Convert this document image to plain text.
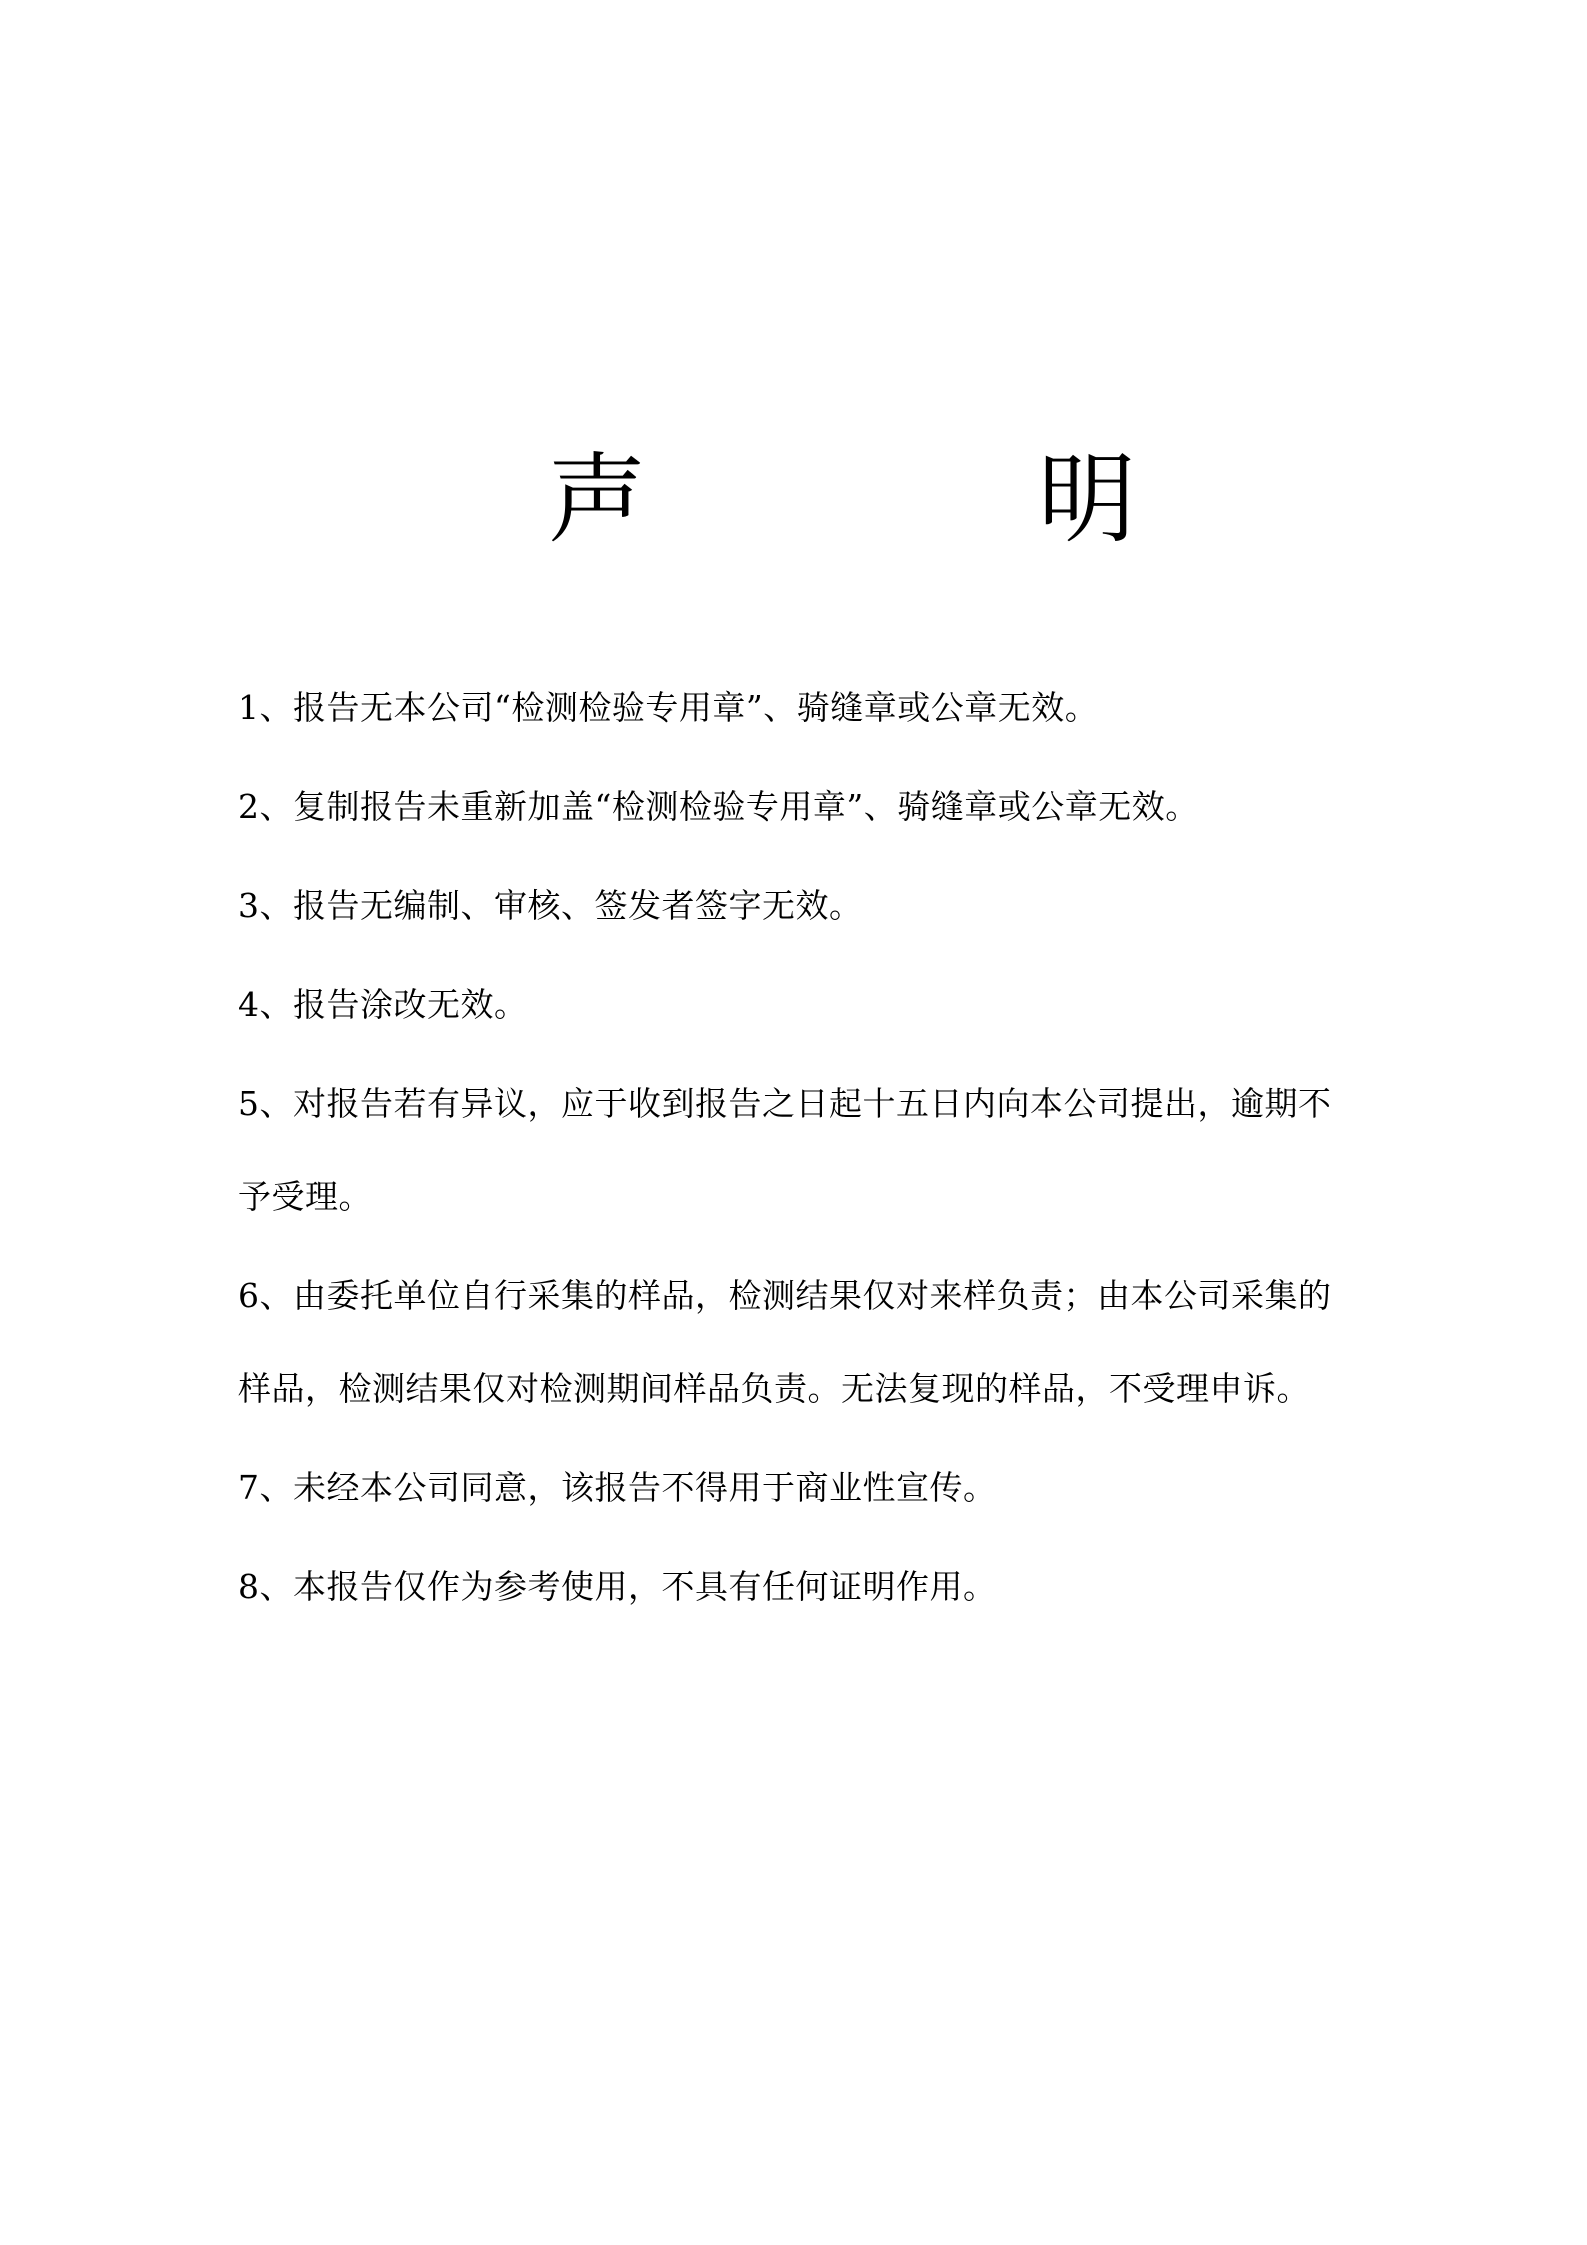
声	明

1、报告无本公司“检测检验专用章”、骑缝章或公章无效。

2、复制报告未重新加盖“检测检验专用章”、骑缝章或公章无效。

3、报告无编制、审核、签发者签字无效。

4、报告涂改无效。

5、对报告若有异议，应于收到报告之日起十五日内向本公司提出，逾期不
予受理。

6、由委托单位自行采集的样品，检测结果仅对来样负责；由本公司采集的
样品，检测结果仅对检测期间样品负责。无法复现的样品，不受理申诉。

7、未经本公司同意，该报告不得用于商业性宣传。

8、本报告仅作为参考使用，不具有任何证明作用。
